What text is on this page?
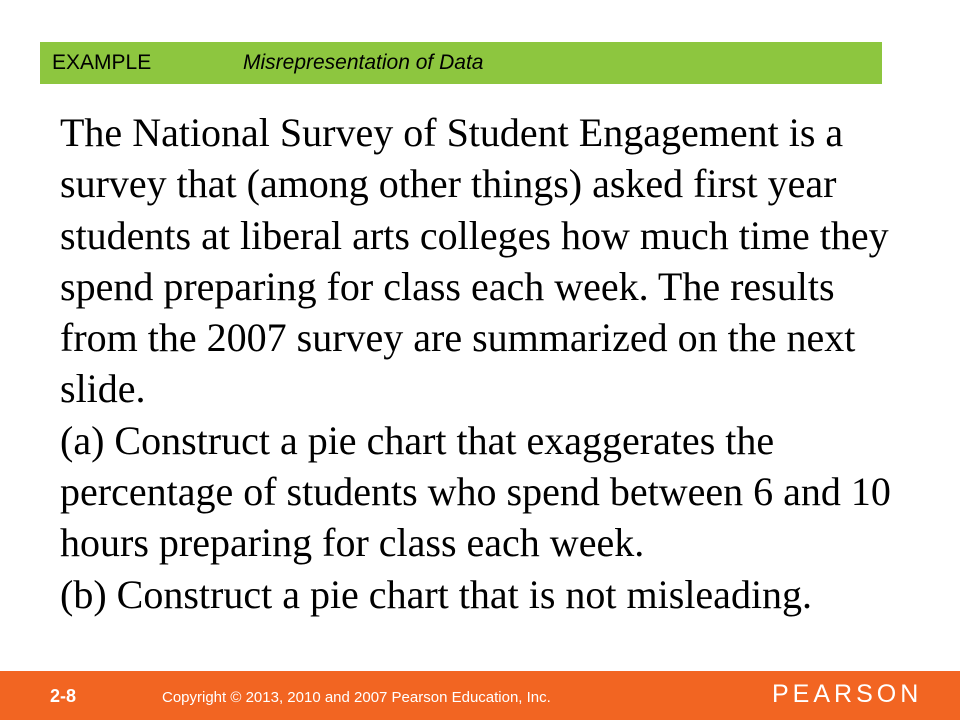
EXAMPLE	Misrepresentation of Data

The National Survey of Student Engagement is a survey that (among other things) asked first year students at liberal arts colleges how much time they spend preparing for class each week. The results from the 2007 survey are summarized on the next slide.

(a) Construct a pie chart that exaggerates the percentage of students who spend between 6 and 10 hours preparing for class each week.

(b) Construct a pie chart that is not misleading.

2-8	Copyright © 2013, 2010 and 2007 Pearson Education, Inc.	PEARSON
